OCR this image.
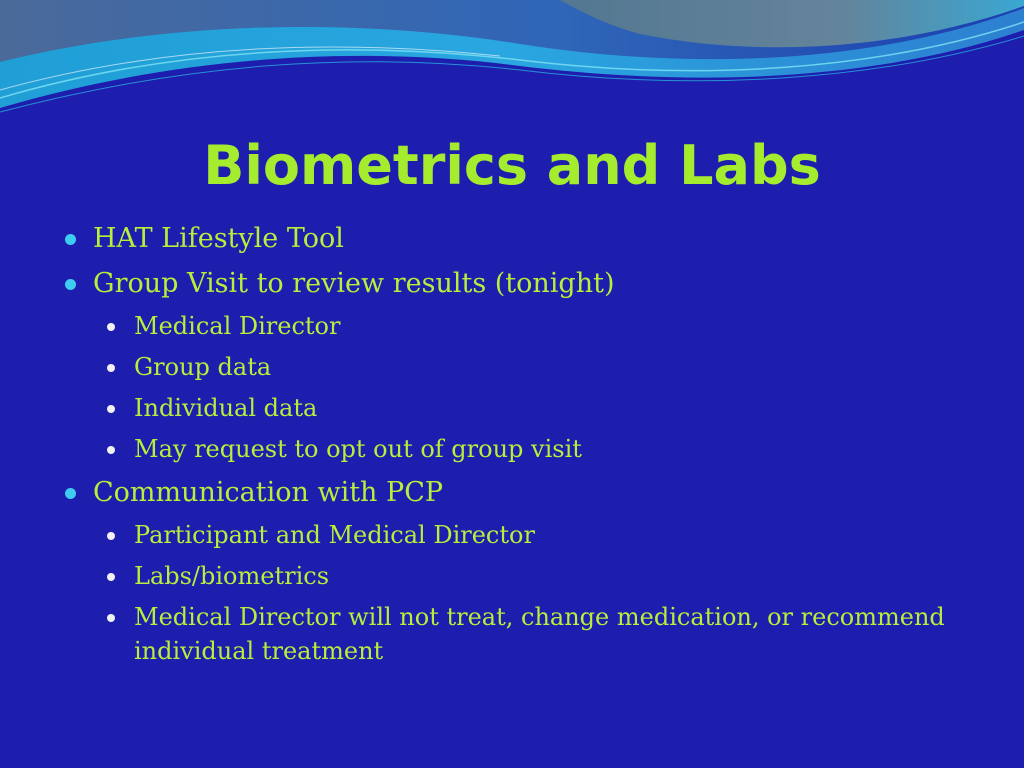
Biometrics and Labs
HAT Lifestyle Tool
Group Visit to review results (tonight)
Medical Director
Group data
Individual data
May request to opt out of group visit
Communication with PCP
Participant and Medical Director
Labs/biometrics
Medical Director will not treat, change medication, or recommend individual treatment
